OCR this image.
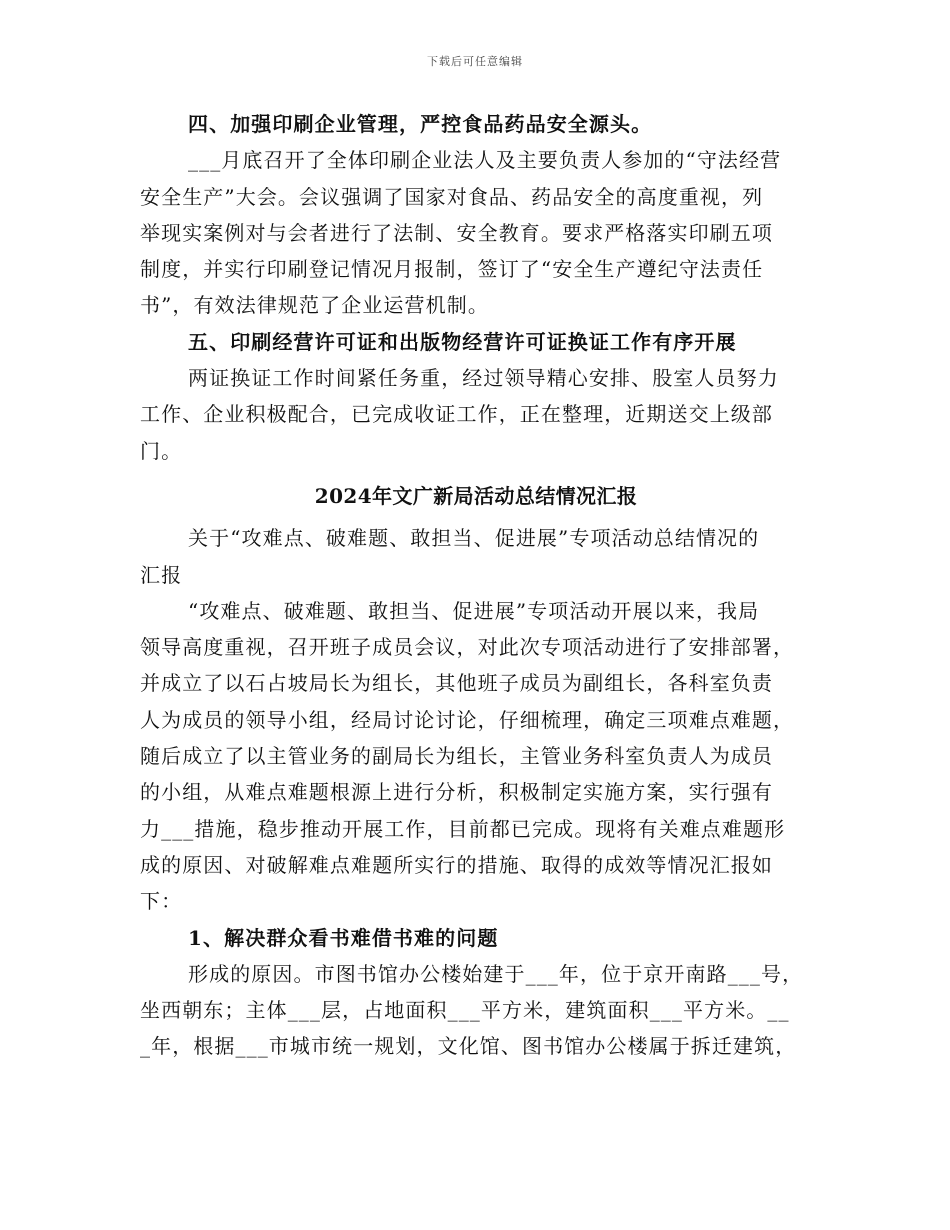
下载后可任意编辑
四、加强印刷企业管理，严控食品药品安全源头。
___月底召开了全体印刷企业法人及主要负责人参加的“守法经营
安全生产”大会。会议强调了国家对食品、药品安全的高度重视，列
举现实案例对与会者进行了法制、安全教育。要求严格落实印刷五项
制度，并实行印刷登记情况月报制，签订了“安全生产遵纪守法责任
书”，有效法律规范了企业运营机制。
五、印刷经营许可证和出版物经营许可证换证工作有序开展
两证换证工作时间紧任务重，经过领导精心安排、股室人员努力
工作、企业积极配合，已完成收证工作，正在整理，近期送交上级部
门。
2024年文广新局活动总结情况汇报
关于“攻难点、破难题、敢担当、促进展”专项活动总结情况的
汇报
“攻难点、破难题、敢担当、促进展”专项活动开展以来，我局
领导高度重视，召开班子成员会议，对此次专项活动进行了安排部署，
并成立了以石占坡局长为组长，其他班子成员为副组长，各科室负责
人为成员的领导小组，经局讨论讨论，仔细梳理，确定三项难点难题，
随后成立了以主管业务的副局长为组长，主管业务科室负责人为成员
的小组，从难点难题根源上进行分析，积极制定实施方案，实行强有
力___措施，稳步推动开展工作，目前都已完成。现将有关难点难题形
成的原因、对破解难点难题所实行的措施、取得的成效等情况汇报如
下：
1、解决群众看书难借书难的问题
形成的原因。市图书馆办公楼始建于___年，位于京开南路___号，
坐西朝东；主体___层，占地面积___平方米，建筑面积___平方米。__
_年，根据___市城市统一规划，文化馆、图书馆办公楼属于拆迁建筑，
